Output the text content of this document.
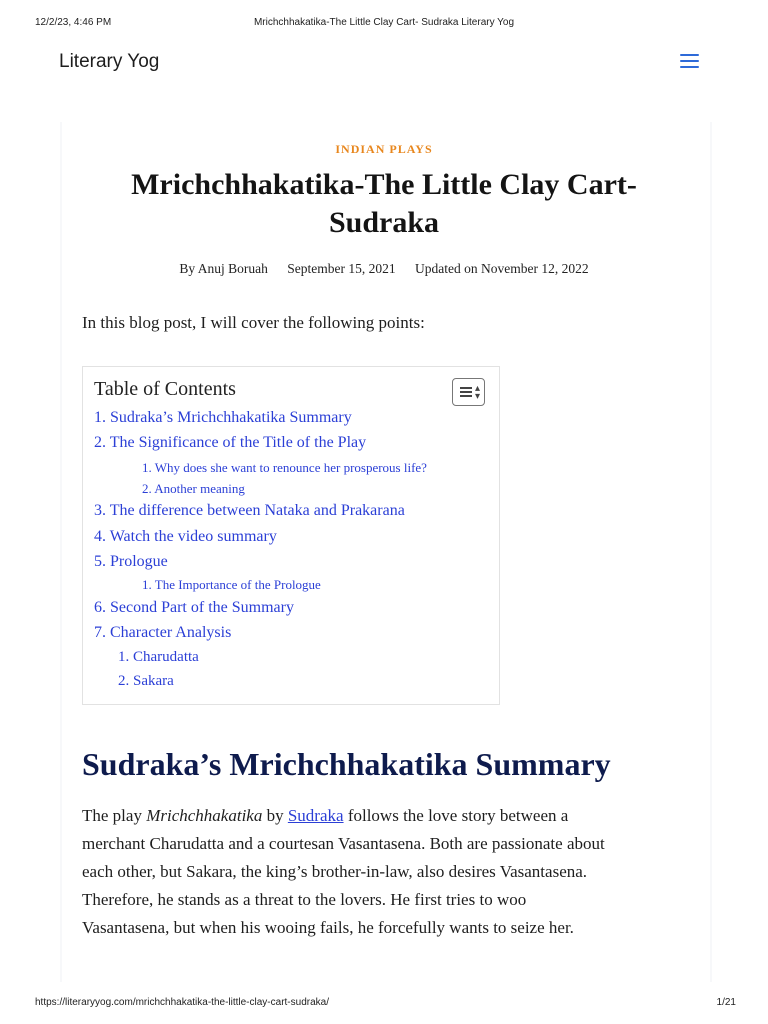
12/2/23, 4:46 PM	Mrichchhakatika-The Little Clay Cart- Sudraka Literary Yog
Literary Yog
INDIAN PLAYS
Mrichchhakatika-The Little Clay Cart-
Sudraka
By Anuj Boruah September 15, 2021 Updated on November 12, 2022
In this blog post, I will cover the following points:
Table of Contents	▴
▾
1. Sudraka’s Mrichchhakatika Summary
2. The Significance of the Title of the Play
1. Why does she want to renounce her prosperous life?
2. Another meaning
3. The difference between Nataka and Prakarana
4. Watch the video summary
5. Prologue
1. The Importance of the Prologue
6. Second Part of the Summary
7. Character Analysis
1. Charudatta
2. Sakara
Sudraka’s Mrichchhakatika Summary

The play Mrichchhakatika by Sudraka follows the love story between a

merchant Charudatta and a courtesan Vasantasena. Both are passionate about

each other, but Sakara, the king’s brother-in-law, also desires Vasantasena.

Therefore, he stands as a threat to the lovers. He first tries to woo

Vasantasena, but when his wooing fails, he forcefully wants to seize her.

https://literaryyog.com/mrichchhakatika-the-little-clay-cart-sudraka/	1/21
